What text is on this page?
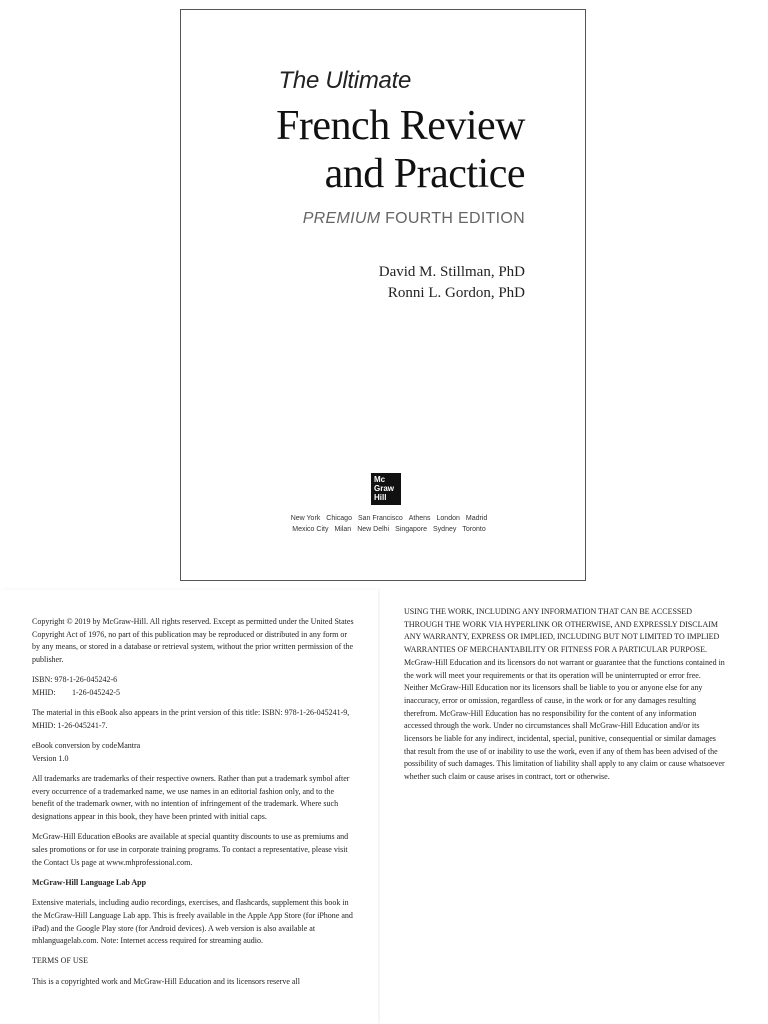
The Ultimate
French Review
and Practice
PREMIUM FOURTH EDITION
David M. Stillman, PhD
Ronni L. Gordon, PhD
Mc
Graw
Hill
New York Chicago San Francisco Athens London Madrid
Mexico City Milan New Delhi Singapore Sydney Toronto

Copyright © 2019 by McGraw-Hill. All rights reserved. Except as permitted under the United States Copyright Act of 1976, no part of this publication may be reproduced or distributed in any form or by any means, or stored in a database or retrieval system, without the prior written permission of the publisher.

ISBN: 978-1-26-045242-6
MHID: 1-26-045242-5

The material in this eBook also appears in the print version of this title: ISBN: 978-1-26-045241-9, MHID: 1-26-045241-7.

eBook conversion by codeMantra
Version 1.0

All trademarks are trademarks of their respective owners. Rather than put a trademark symbol after every occurrence of a trademarked name, we use names in an editorial fashion only, and to the benefit of the trademark owner, with no intention of infringement of the trademark. Where such designations appear in this book, they have been printed with initial caps.

McGraw-Hill Education eBooks are available at special quantity discounts to use as premiums and sales promotions or for use in corporate training programs. To contact a representative, please visit the Contact Us page at www.mhprofessional.com.

McGraw-Hill Language Lab App

Extensive materials, including audio recordings, exercises, and flashcards, supplement this book in the McGraw-Hill Language Lab app. This is freely available in the Apple App Store (for iPhone and iPad) and the Google Play store (for Android devices). A web version is also available at mhlanguagelab.com. Note: Internet access required for streaming audio.

TERMS OF USE

This is a copyrighted work and McGraw-Hill Education and its licensors reserve all

USING THE WORK, INCLUDING ANY INFORMATION THAT CAN BE ACCESSED THROUGH THE WORK VIA HYPERLINK OR OTHERWISE, AND EXPRESSLY DISCLAIM ANY WARRANTY, EXPRESS OR IMPLIED, INCLUDING BUT NOT LIMITED TO IMPLIED WARRANTIES OF MERCHANTABILITY OR FITNESS FOR A PARTICULAR PURPOSE. McGraw-Hill Education and its licensors do not warrant or guarantee that the functions contained in the work will meet your requirements or that its operation will be uninterrupted or error free. Neither McGraw-Hill Education nor its licensors shall be liable to you or anyone else for any inaccuracy, error or omission, regardless of cause, in the work or for any damages resulting therefrom. McGraw-Hill Education has no responsibility for the content of any information accessed through the work. Under no circumstances shall McGraw-Hill Education and/or its licensors be liable for any indirect, incidental, special, punitive, consequential or similar damages that result from the use of or inability to use the work, even if any of them has been advised of the possibility of such damages. This limitation of liability shall apply to any claim or cause whatsoever whether such claim or cause arises in contract, tort or otherwise.
